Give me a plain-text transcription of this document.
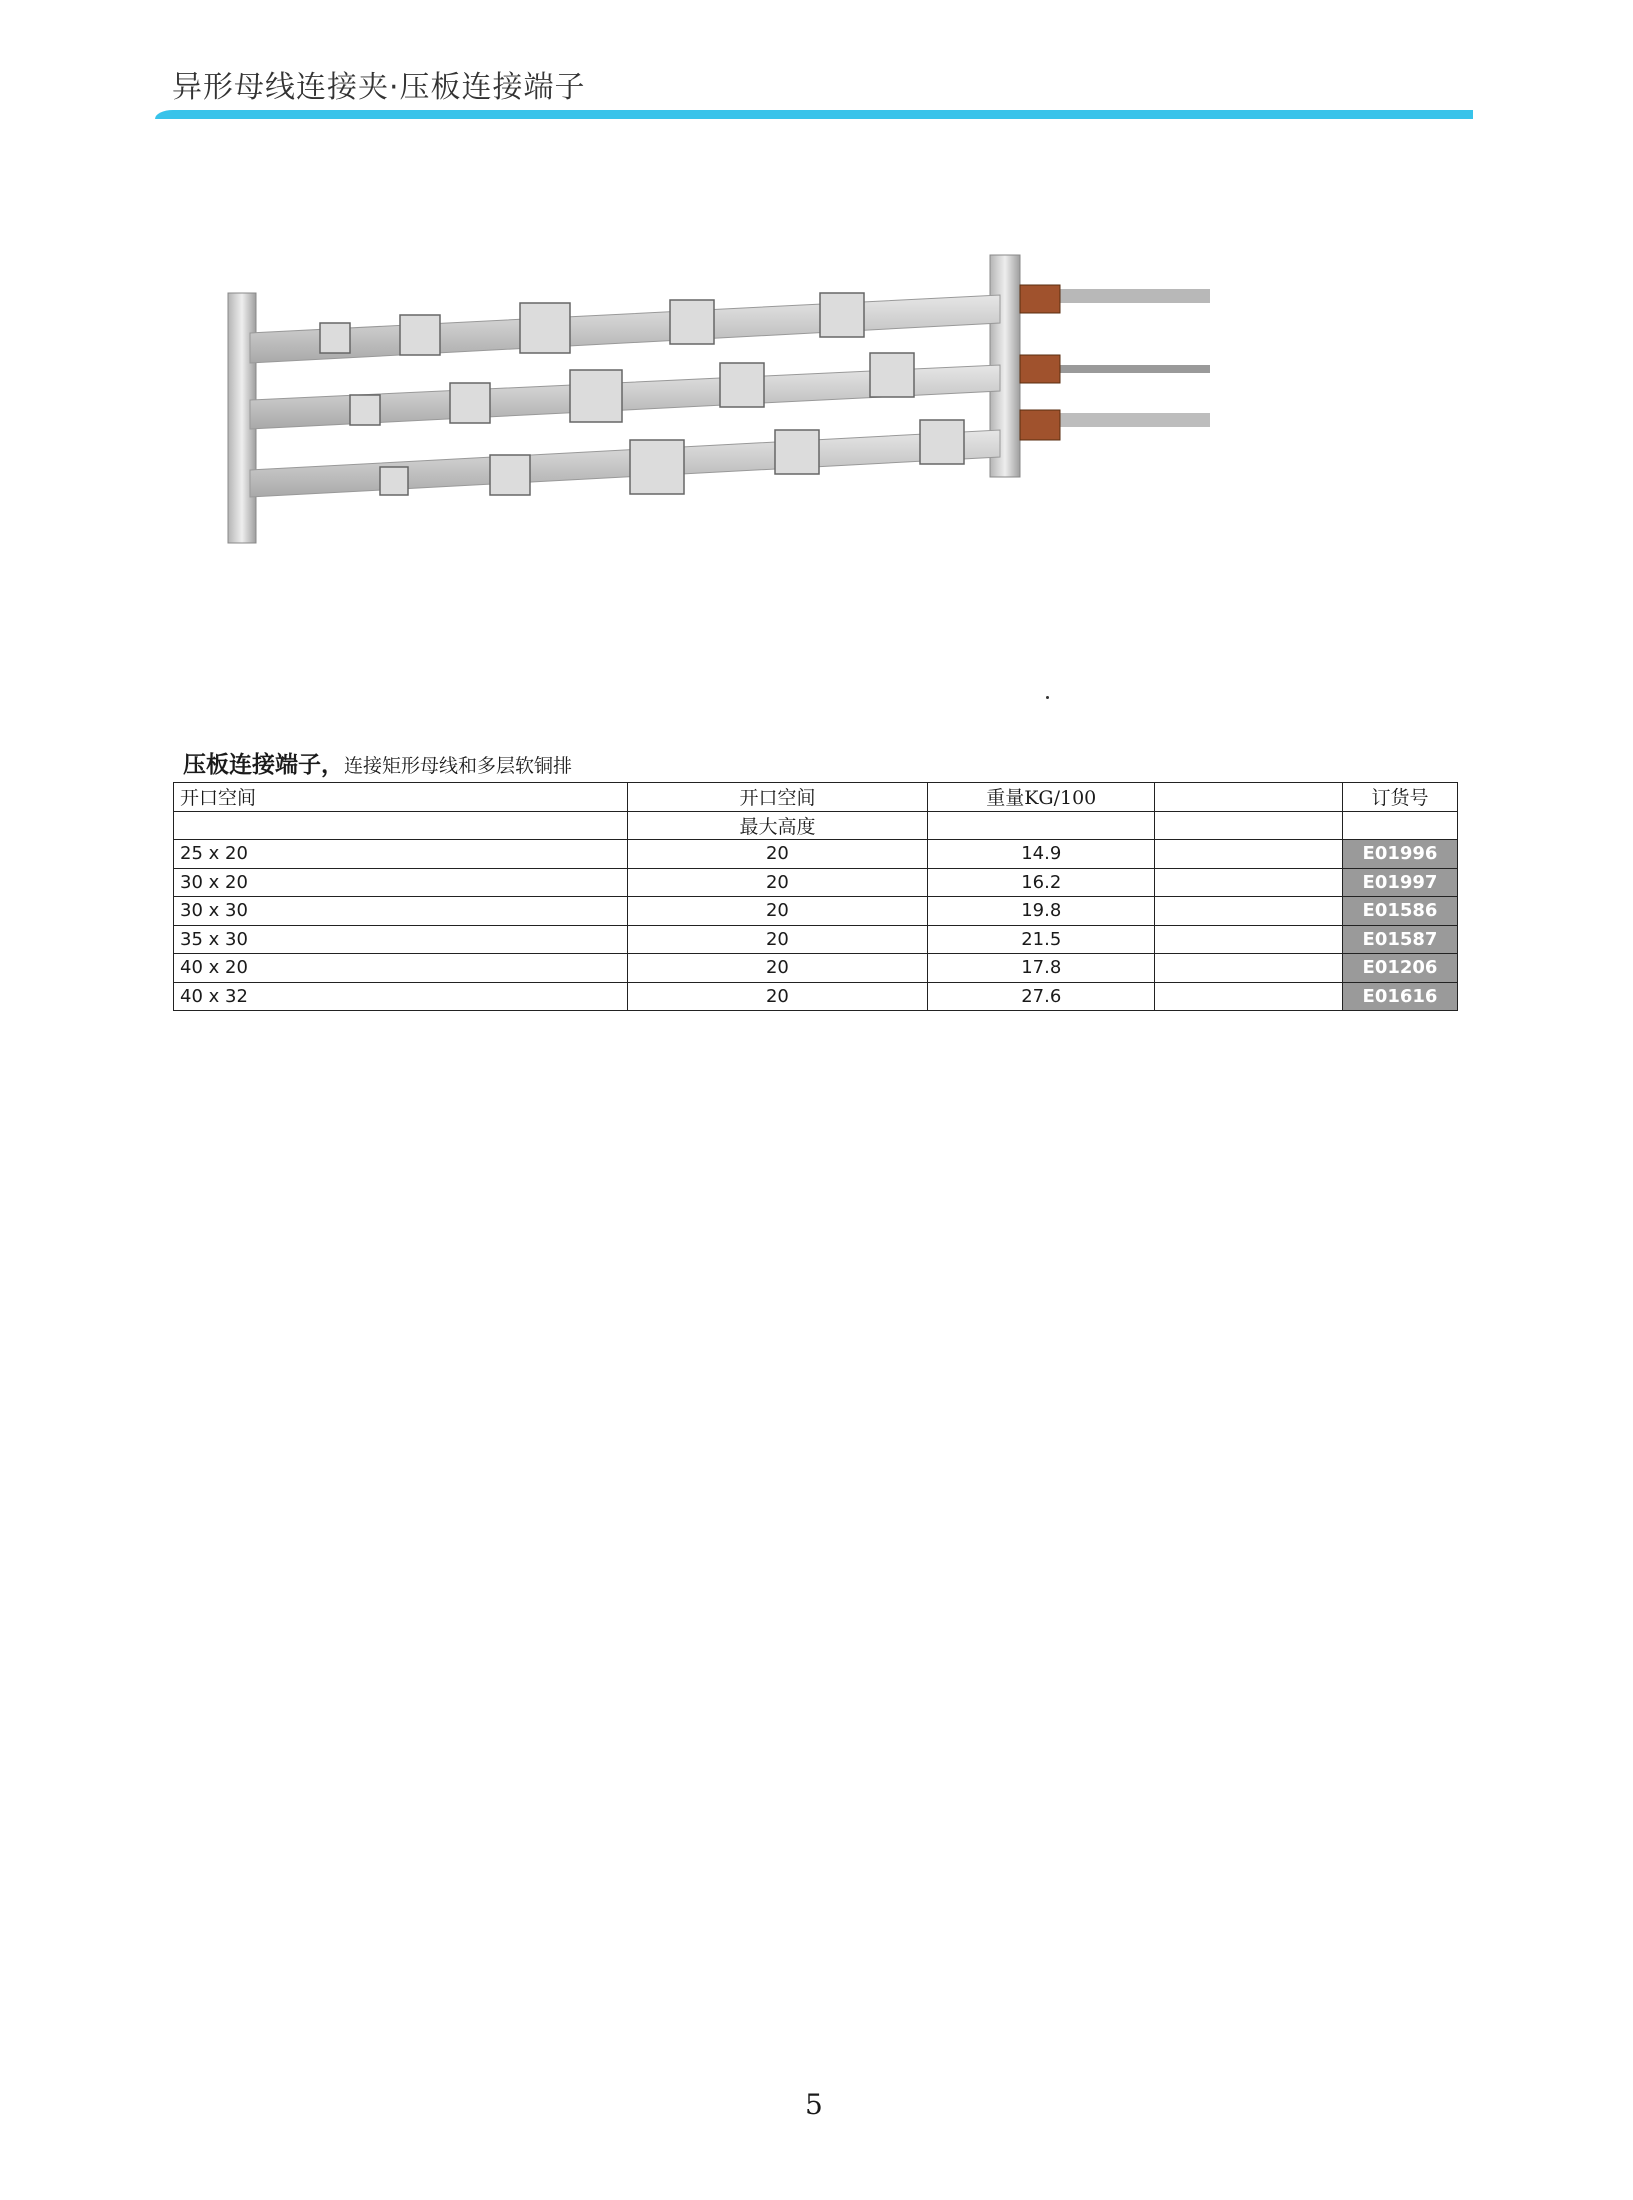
异形母线连接夹·压板连接端子
压板连接端子，连接矩形母线和多层软铜排
开口空间	开口空间	重量KG/100		订货号
	最大高度			
25 x 20	20	14.9		E01996
30 x 20	20	16.2		E01997
30 x 30	20	19.8		E01586
35 x 30	20	21.5		E01587
40 x 20	20	17.8		E01206
40 x 32	20	27.6		E01616
5
